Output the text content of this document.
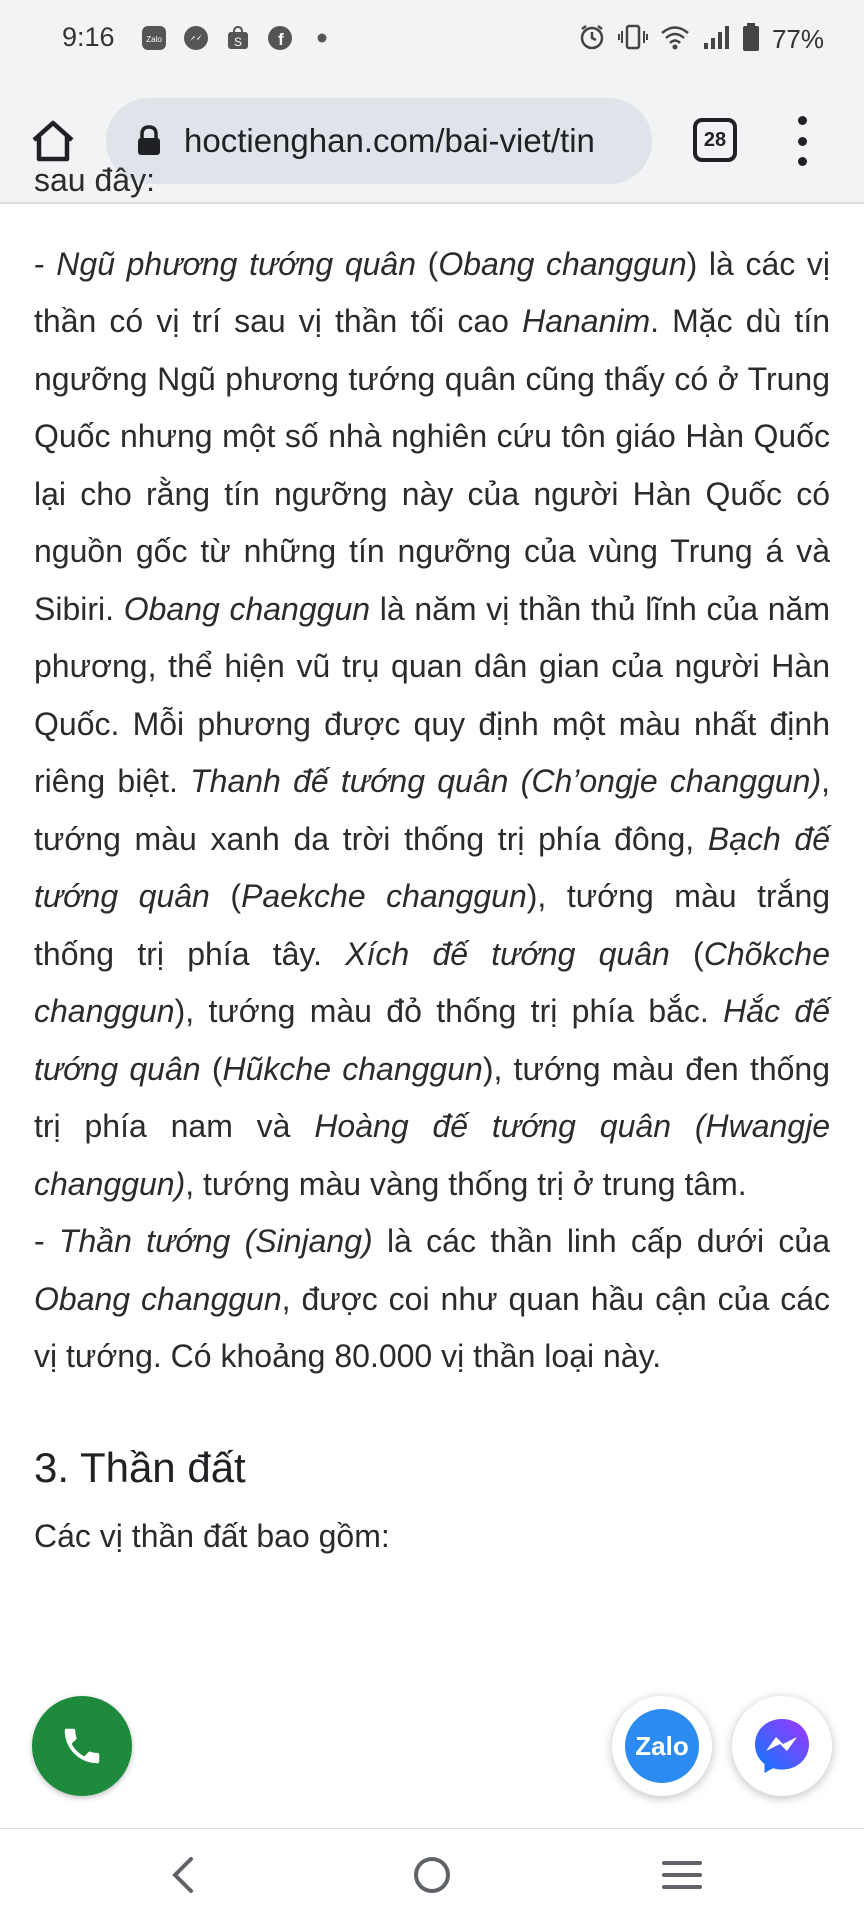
9:16	Zalo	S f	77%
hoctienghan.com/bai-viet/tin	28

sau đây:

- Ngũ phương tướng quân (Obang changgun) là các vị thần có vị trí sau vị thần tối cao Hananim. Mặc dù tín ngưỡng Ngũ phương tướng quân cũng thấy có ở Trung Quốc nhưng một số nhà nghiên cứu tôn giáo Hàn Quốc lại cho rằng tín ngưỡng này của người Hàn Quốc có nguồn gốc từ những tín ngưỡng của vùng Trung á và Sibiri. Obang changgun là năm vị thần thủ lĩnh của năm phương, thể hiện vũ trụ quan dân gian của người Hàn Quốc. Mỗi phương được quy định một màu nhất định riêng biệt. Thanh đế tướng quân (Ch’ongje changgun), tướng màu xanh da trời thống trị phía đông, Bạch đế tướng quân (Paekche changgun), tướng màu trắng thống trị phía tây. Xích đế tướng quân (Chõkche changgun), tướng màu đỏ thống trị phía bắc. Hắc đế tướng quân (Hũkche changgun), tướng màu đen thống trị phía nam và Hoàng đế tướng quân (Hwangje changgun), tướng màu vàng thống trị ở trung tâm.

- Thần tướng (Sinjang) là các thần linh cấp dưới của Obang changgun, được coi như quan hầu cận của các vị tướng. Có khoảng 80.000 vị thần loại này.

3. Thần đất

Các vị thần đất bao gồm:

Zalo
